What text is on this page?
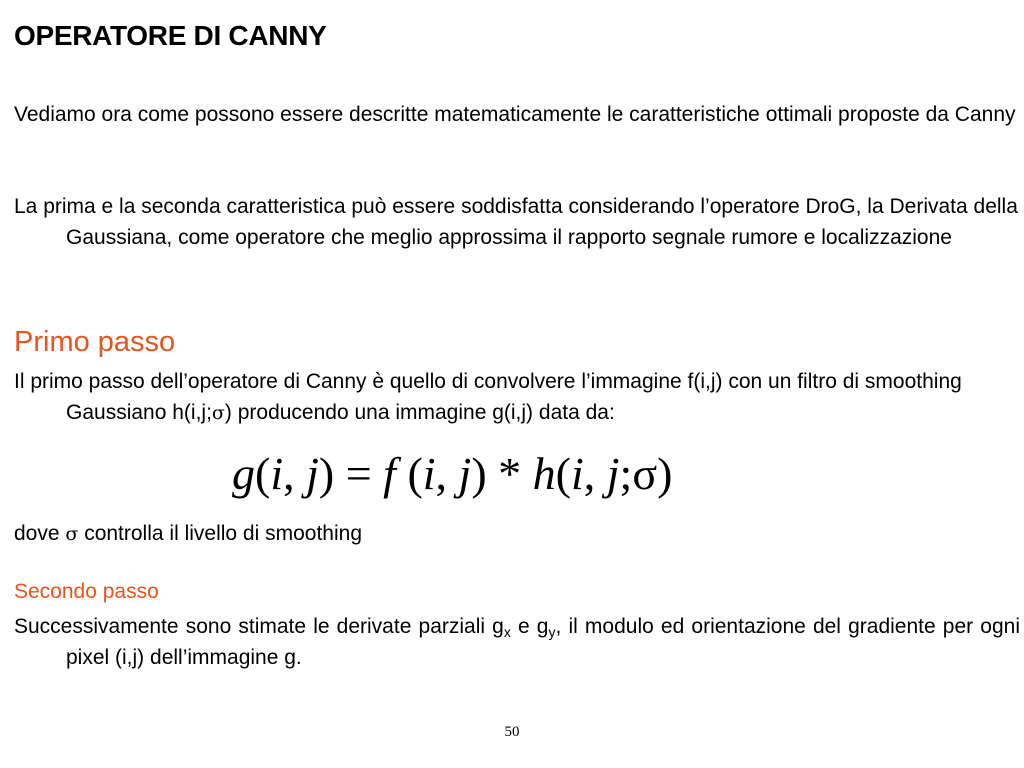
OPERATORE DI CANNY
Vediamo ora come possono essere descritte matematicamente le caratteristiche ottimali proposte da Canny
La prima e la seconda caratteristica può essere soddisfatta considerando l’operatore DroG, la Derivata della Gaussiana, come operatore che meglio approssima il rapporto segnale rumore e localizzazione
Primo passo
Il primo passo dell’operatore di Canny è quello di convolvere l’immagine f(i,j) con un filtro di smoothing Gaussiano h(i,j;σ) producendo una immagine g(i,j) data da:
g(i, j) = f (i, j) * h(i, j;σ)
dove σ controlla il livello di smoothing
Secondo passo
Successivamente sono stimate le derivate parziali $g_x$ e $g_y$, il modulo ed orientazione del gradiente per ogni pixel (i,j) dell’immagine g.
50
